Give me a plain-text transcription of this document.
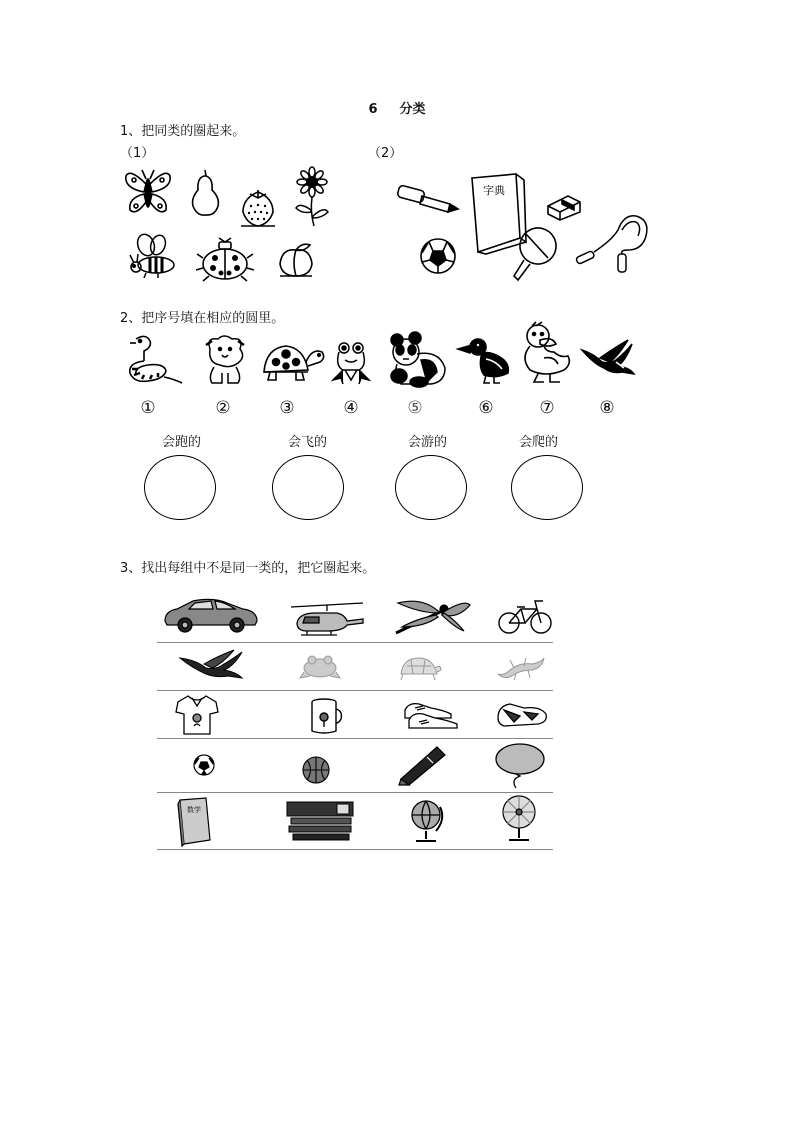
6 分类
1、把同类的圈起来。
（1）	（2）
字典
2、把序号填在相应的圆里。
①	②	③	④	⑤	⑥	⑦	⑧
会跑的	会飞的	会游的	会爬的
3、找出每组中不是同一类的，把它圈起来。
数学
